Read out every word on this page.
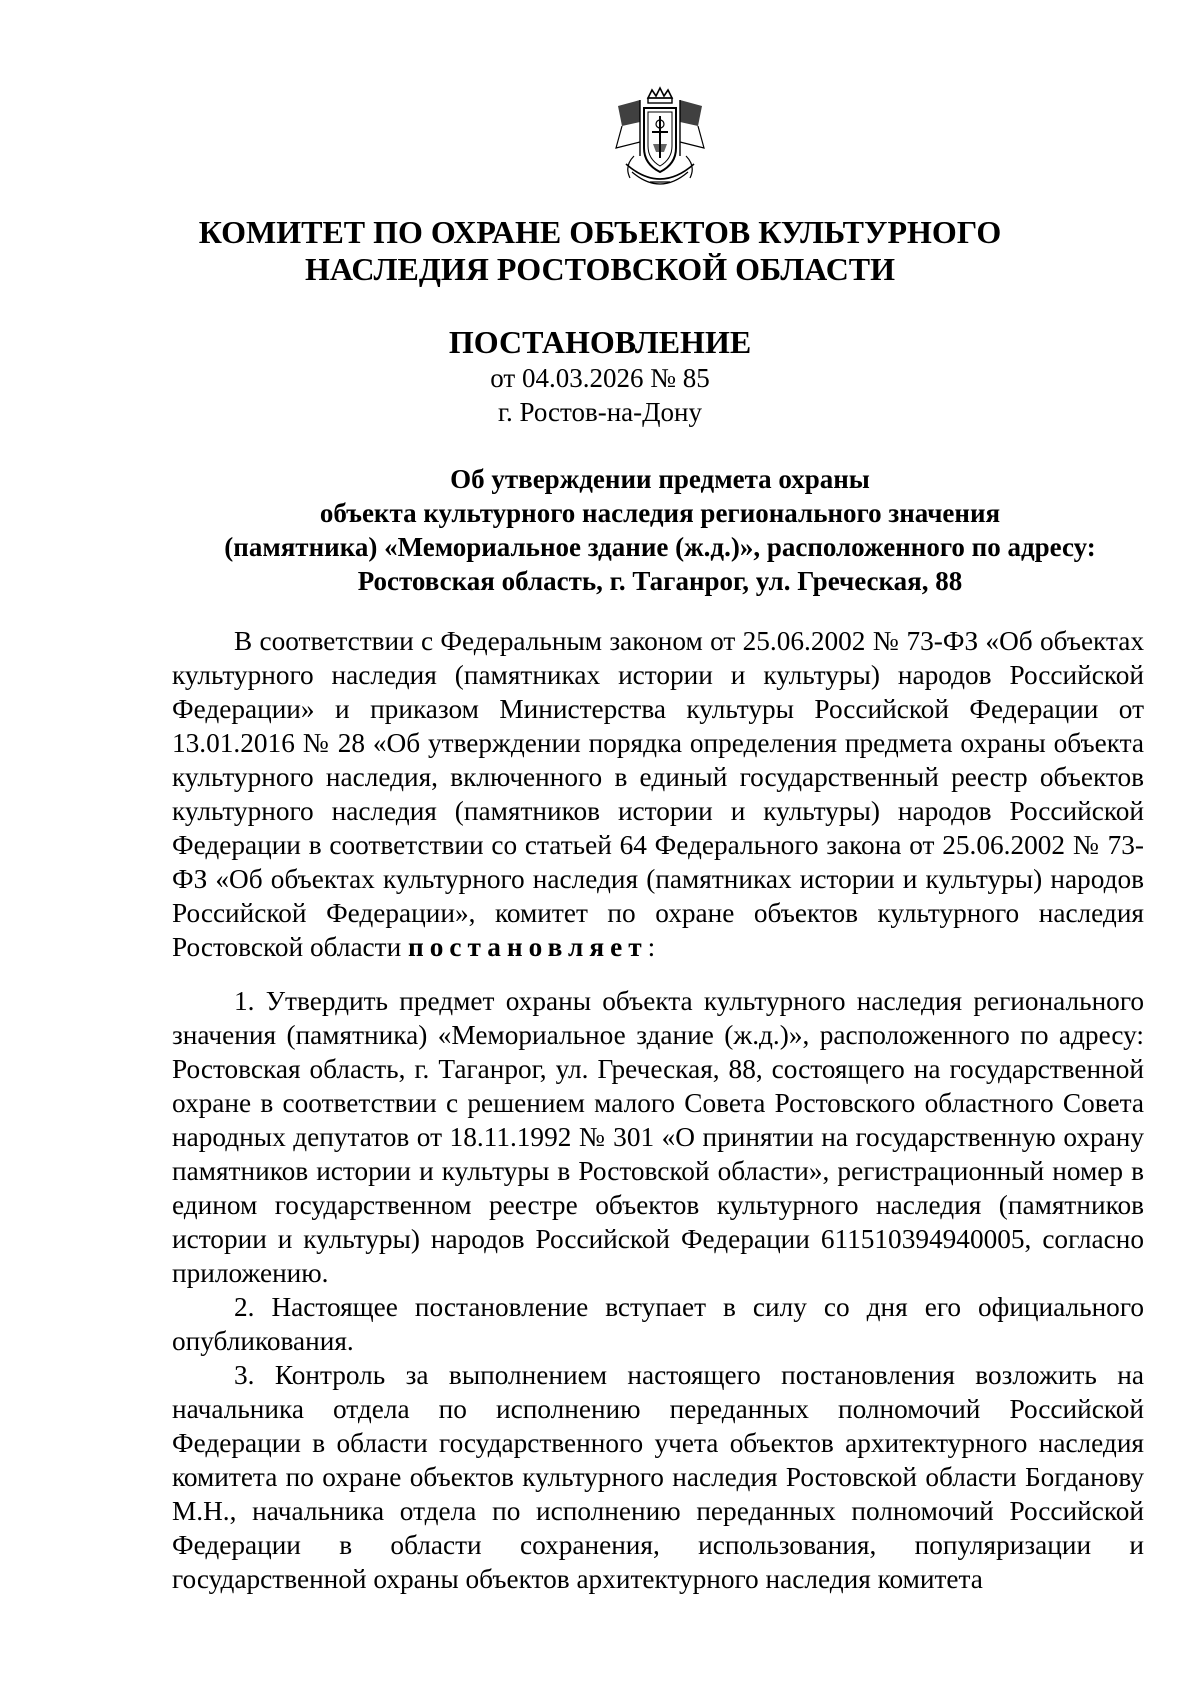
КОМИТЕТ ПО ОХРАНЕ ОБЪЕКТОВ КУЛЬТУРНОГО
НАСЛЕДИЯ РОСТОВСКОЙ ОБЛАСТИ
ПОСТАНОВЛЕНИЕ

от 04.03.2026 № 85

г. Ростов-на-Дону

Об утверждении предмета охраны
объекта культурного наследия регионального значения
(памятника) «Мемориальное здание (ж.д.)», расположенного по адресу:
Ростовская область, г. Таганрог, ул. Греческая, 88

В соответствии с Федеральным законом от 25.06.2002 № 73-ФЗ «Об объектах культурного наследия (памятниках истории и культуры) народов Российской Федерации» и приказом Министерства культуры Российской Федерации от 13.01.2016 № 28 «Об утверждении порядка определения предмета охраны объекта культурного наследия, включенного в единый государственный реестр объектов культурного наследия (памятников истории и культуры) народов Российской Федерации в соответствии со статьей 64 Федерального закона от 25.06.2002 № 73-ФЗ «Об объектах культурного наследия (памятниках истории и культуры) народов Российской Федерации», комитет по охране объектов культурного наследия Ростовской области постановляет:

1. Утвердить предмет охраны объекта культурного наследия регионального значения (памятника) «Мемориальное здание (ж.д.)», расположенного по адресу: Ростовская область, г. Таганрог, ул. Греческая, 88, состоящего на государственной охране в соответствии с решением малого Совета Ростовского областного Совета народных депутатов от 18.11.1992 № 301 «О принятии на государственную охрану памятников истории и культуры в Ростовской области», регистрационный номер в едином государственном реестре объектов культурного наследия (памятников истории и культуры) народов Российской Федерации 611510394940005, согласно приложению.

2. Настоящее постановление вступает в силу со дня его официального опубликования.

3. Контроль за выполнением настоящего постановления возложить на начальника отдела по исполнению переданных полномочий Российской Федерации в области государственного учета объектов архитектурного наследия комитета по охране объектов культурного наследия Ростовской области Богданову М.Н., начальника отдела по исполнению переданных полномочий Российской Федерации в области сохранения, использования, популяризации и государственной охраны объектов архитектурного наследия комитета
